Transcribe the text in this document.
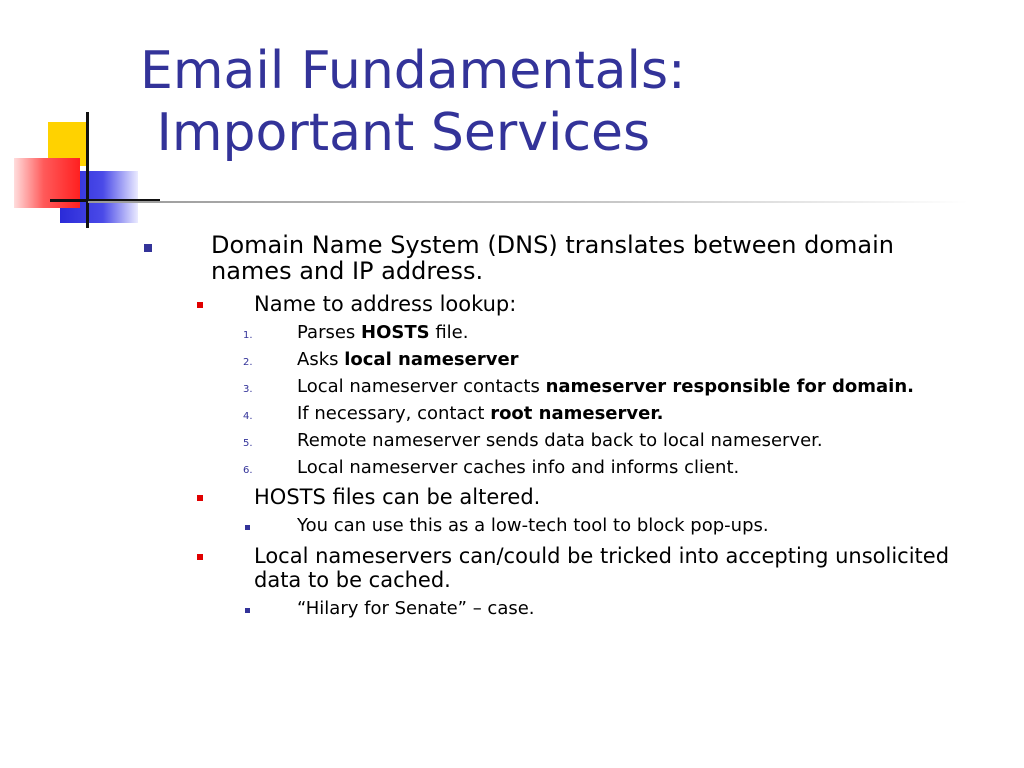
Email Fundamentals:
Important Services
Domain Name System (DNS) translates between domain names and IP address.
Name to address lookup:
1. Parses HOSTS file.
2. Asks local nameserver
3. Local nameserver contacts nameserver responsible for domain.
4. If necessary, contact root nameserver.
5. Remote nameserver sends data back to local nameserver.
6. Local nameserver caches info and informs client.
HOSTS files can be altered.
You can use this as a low-tech tool to block pop-ups.
Local nameservers can/could be tricked into accepting unsolicited data to be cached.
“Hilary for Senate” – case.
